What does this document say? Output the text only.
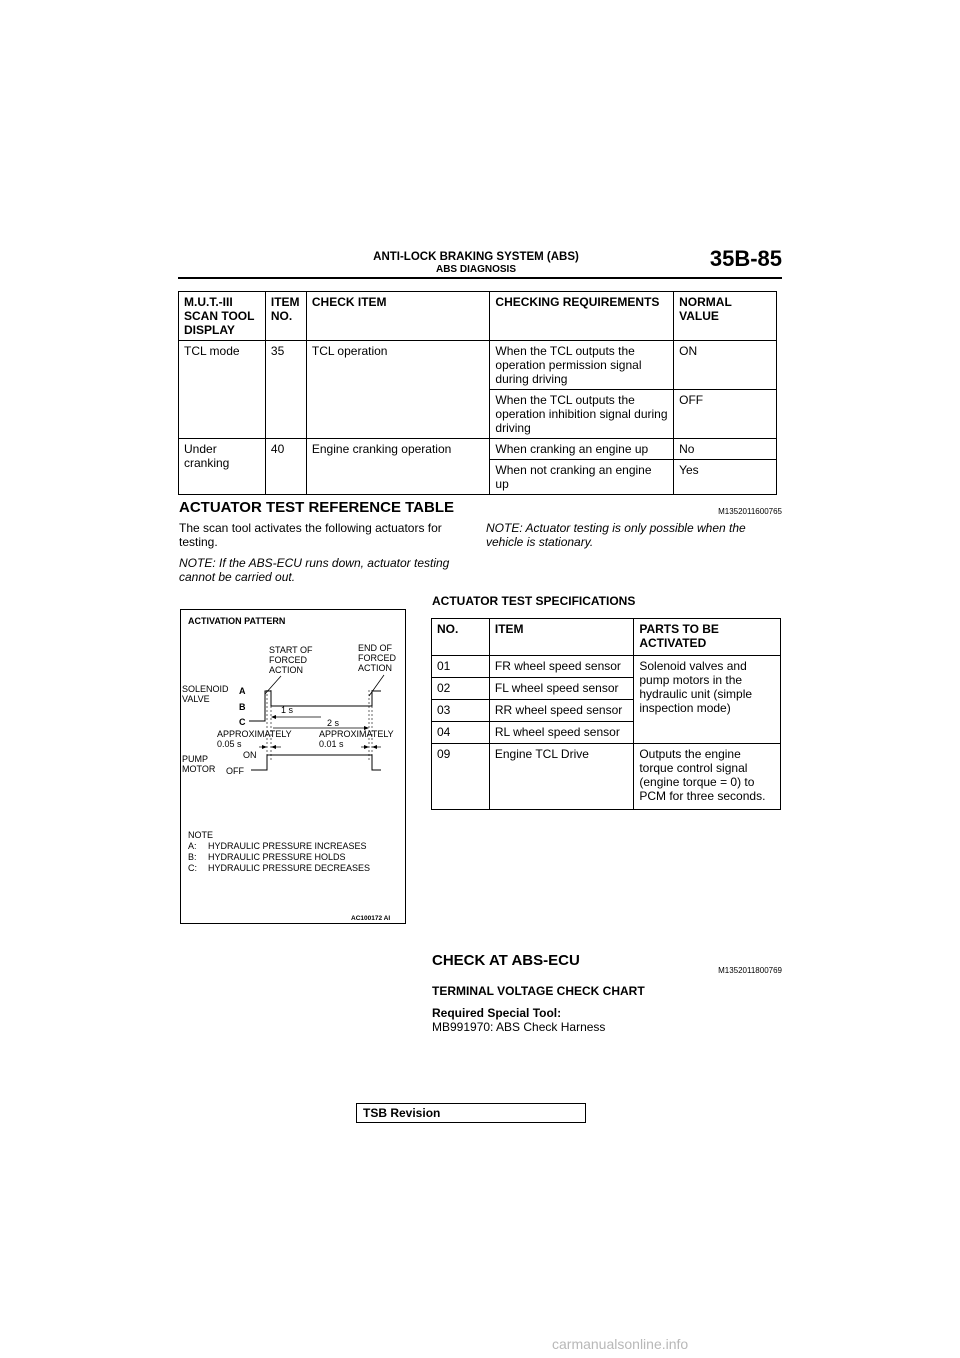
ANTI-LOCK BRAKING SYSTEM (ABS)
ABS DIAGNOSIS	35B-85
M.U.T.-III SCAN TOOL DISPLAY	ITEM NO.	CHECK ITEM	CHECKING REQUIREMENTS	NORMAL VALUE
TCL mode	35	TCL operation	When the TCL outputs the operation permission signal during driving	ON
			When the TCL outputs the operation inhibition signal during driving	OFF
Under cranking	40	Engine cranking operation	When cranking an engine up	No
			When not cranking an engine up	Yes
ACTUATOR TEST REFERENCE TABLE	M1352011600765
The scan tool activates the following actuators for testing.
NOTE: If the ABS-ECU runs down, actuator testing cannot be carried out.
NOTE: Actuator testing is only possible when the vehicle is stationary.
ACTIVATION PATTERN
START OF
FORCED
ACTION
END OF
FORCED
ACTION
SOLENOID
VALVE
A
B
C
1 s
2 s
APPROXIMATELY
0.05 s
APPROXIMATELY
0.01 s
ON
PUMP
MOTOR OFF
NOTE
A: HYDRAULIC PRESSURE INCREASES
B: HYDRAULIC PRESSURE HOLDS
C: HYDRAULIC PRESSURE DECREASES
AC100172 AI
ACTUATOR TEST SPECIFICATIONS
NO.	ITEM	PARTS TO BE ACTIVATED
01	FR wheel speed sensor	Solenoid valves and pump motors in the hydraulic unit (simple inspection mode)
02	FL wheel speed sensor	
03	RR wheel speed sensor	
04	RL wheel speed sensor	
09	Engine TCL Drive	Outputs the engine torque control signal (engine torque = 0) to PCM for three seconds.
CHECK AT ABS-ECU
M1352011800769
TERMINAL VOLTAGE CHECK CHART
Required Special Tool:
MB991970: ABS Check Harness
TSB Revision
carmanualsonline.info
